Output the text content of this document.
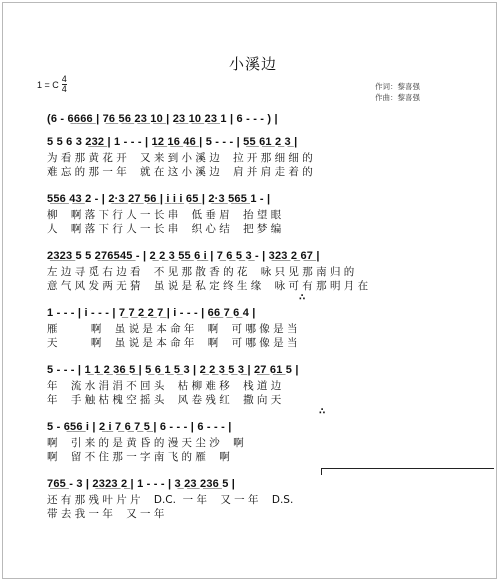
小溪边
1 = C
4
4	作词：黎喜强
作曲：黎喜强
(6 - 6̲6̲6̲6̲ | 7̲6̲ 5̲6̲ 2̲3̲ 1̲0̲ | 2̲3̲ 1̲0̲ 2̲3̲ 1 | 6 - - - ) |
5 5 6 3 2̲3̲2̲ | 1 - - - | 1̲2̲ 1̲6̲ 4̲6̲ | 5 - - - | 5̲5̲ 6̲1̲ 2̲ 3̲ |
为 看 那 黄 花 开    又 来 到 小 溪 边    拉 开 那 细 细 的
难 忘 的 那 一 年    就 在 这 小 溪 边    肩 并 肩 走 着 的
5̲5̲6̲ 4̲3̲ 2 - | 2̲·̲3̲ 2̲7̲ 5̲6̲ | i̲ i̲ i̲ 6̲5̲ | 2̲·̲3̲ 5̲6̲5̲ 1 - |
柳    啊 落 下 行 人 一 长 串    低 垂 眉    抬 望 眼
人    啊 落 下 行 人 一 长 串    织 心 结    把 梦 编
2̲3̲2̲3̲ 5 5 2̲7̲6̲5̲4̲5̲ - | 2̲ 2̲ 3̲ 5̲5̲ 6̲ i̲ | 7̲ 6̲ 5̲ 3̲ - | 3̲2̲3̲ 2̲ 6̲7̲ |
左 边 寻 觅 右 边 看    不 见 那 散 香 的 花    咏 只 见 那 南 归 的
意 气 风 发 两 无 猜    虽 说 是 私 定 终 生 缘    咏 可 有 那 明 月 在
∴
1 - - - | i - - - | 7̲ 7̲ 2̲ 2̲ 7̲ | i - - - | 6̲6̲ 7̲ 6̲ 4 |
雁          啊    虽 说 是 本 命 年    啊    可 哪 像 是 当
天          啊    虽 说 是 本 命 年    啊    可 哪 像 是 当
5 - - - | 1̲ 1̲ 2̲ 3̲6̲ 5̲ | 5̲ 6̲ 1̲ 5̲ 3 | 2̲ 2̲ 3̲ 5̲ 3̲ | 2̲7̲ 6̲1̲ 5 |
年    流 水 涓 涓 不 回 头    枯 柳 难 移    栈 道 边
年    手 触 枯 槐 空 摇 头    风 卷 残 红    撒 向 天
∴
5 - 6̲5̲6̲ i | 2̲ i̲ 7̲ 6̲ 7̲ 5̲ | 6 - - - | 6 - - - |
啊    引 来 的 是 黄 昏 的 漫 天 尘 沙    啊
啊    留 不 住 那 一 字 南 飞 的 雁    啊
7̲6̲5̲ - 3 | 2̲3̲2̲3̲ 2̲ | 1 - - - | 3̲ 2̲3̲ 2̲3̲6̲ 5 |
还 有 那 残 叶 片 片    D.C.  一 年    又 一 年    D.S.
带 去 我 一 年    又 一 年
